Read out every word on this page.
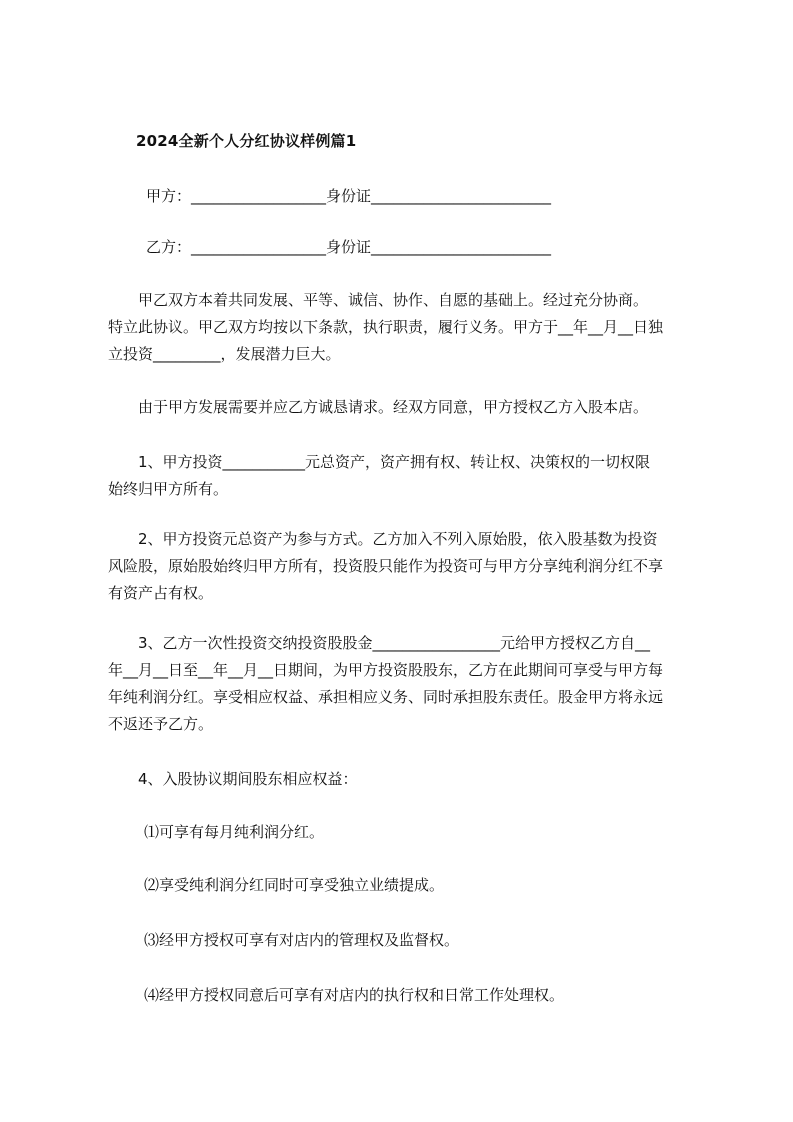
2024全新个人分红协议样例篇1
甲方：__________________身份证________________________
乙方：__________________身份证________________________
　　甲乙双方本着共同发展、平等、诚信、协作、自愿的基础上。经过充分协商。
特立此协议。甲乙双方均按以下条款，执行职责，履行义务。甲方于__年__月__日独
立投资_________，发展潜力巨大。
　　由于甲方发展需要并应乙方诚恳请求。经双方同意，甲方授权乙方入股本店。
　　1、甲方投资___________元总资产，资产拥有权、转让权、决策权的一切权限
始终归甲方所有。
　　2、甲方投资元总资产为参与方式。乙方加入不列入原始股，依入股基数为投资
风险股，原始股始终归甲方所有，投资股只能作为投资可与甲方分享纯利润分红不享
有资产占有权。
　　3、乙方一次性投资交纳投资股股金_________________元给甲方授权乙方自__
年__月__日至__年__月__日期间，为甲方投资股股东，乙方在此期间可享受与甲方每
年纯利润分红。享受相应权益、承担相应义务、同时承担股东责任。股金甲方将永远
不返还予乙方。
　　4、入股协议期间股东相应权益：
⑴可享有每月纯利润分红。
⑵享受纯利润分红同时可享受独立业绩提成。
⑶经甲方授权可享有对店内的管理权及监督权。
⑷经甲方授权同意后可享有对店内的执行权和日常工作处理权。
